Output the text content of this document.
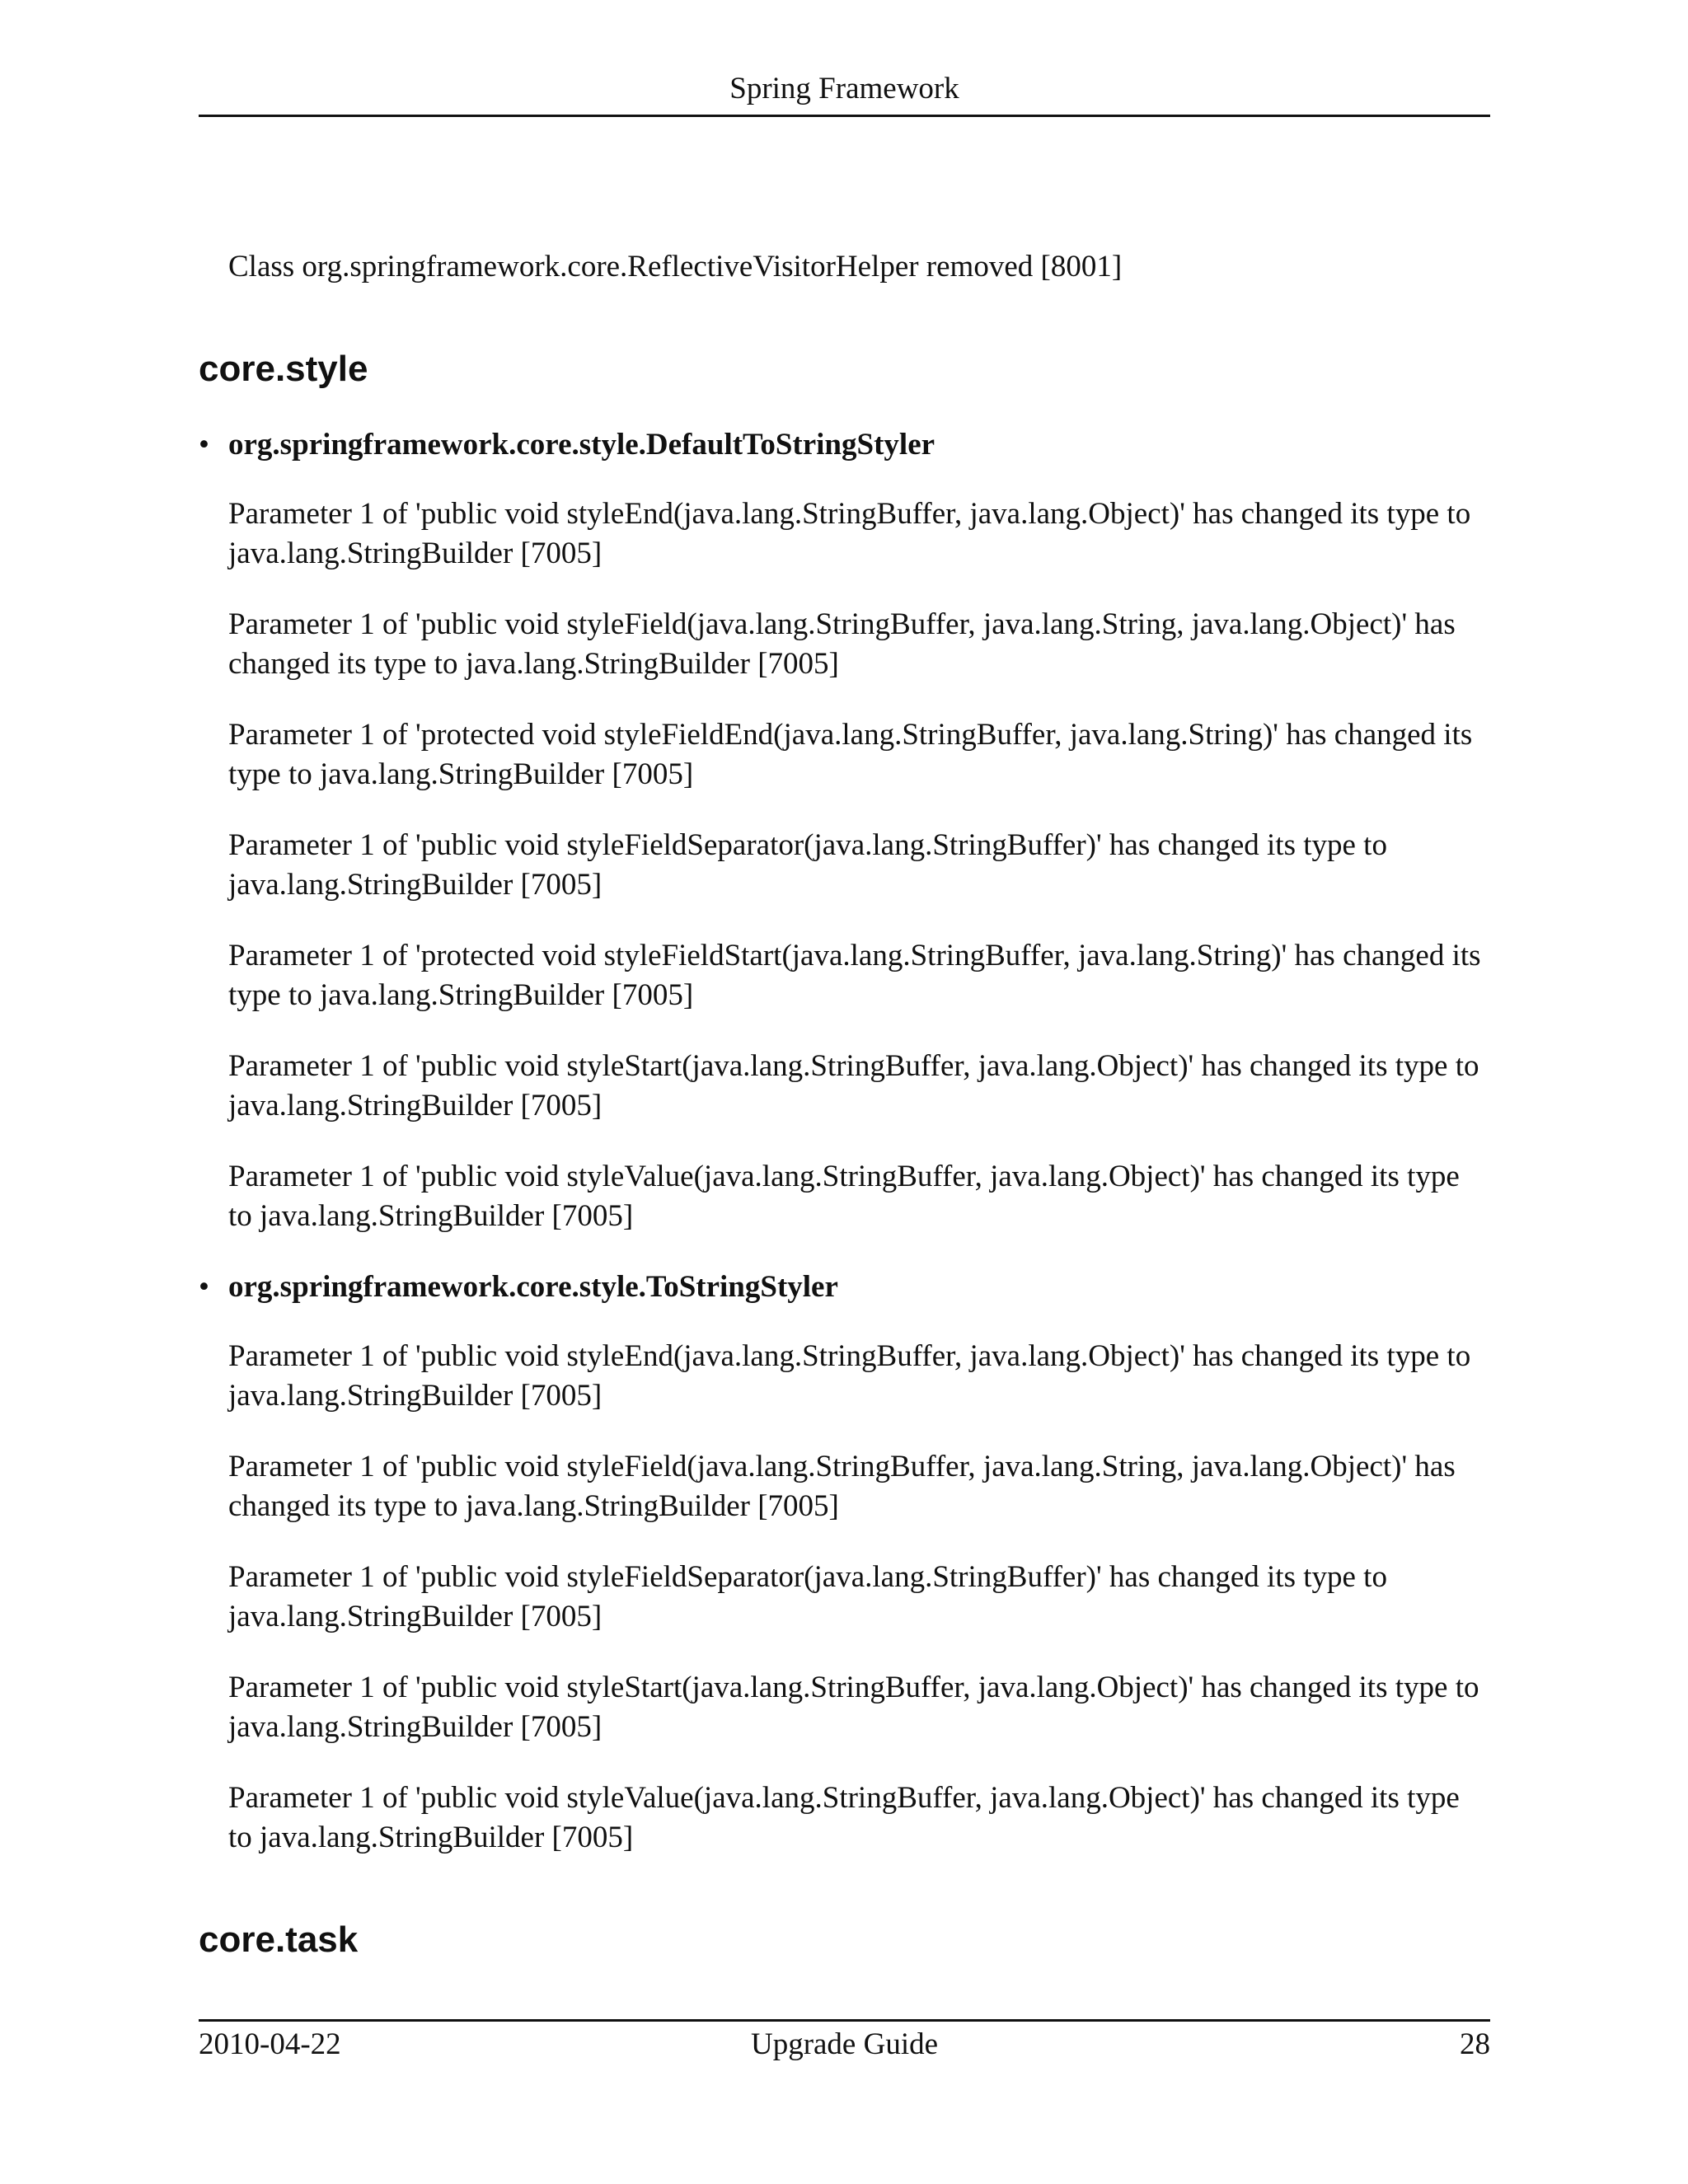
Spring Framework

Class org.springframework.core.ReflectiveVisitorHelper removed [8001]

core.style
• org.springframework.core.style.DefaultToStringStyler

Parameter 1 of 'public void styleEnd(java.lang.StringBuffer, java.lang.Object)' has changed its type to java.lang.StringBuilder [7005]

Parameter 1 of 'public void styleField(java.lang.StringBuffer, java.lang.String, java.lang.Object)' has changed its type to java.lang.StringBuilder [7005]

Parameter 1 of 'protected void styleFieldEnd(java.lang.StringBuffer, java.lang.String)' has changed its type to java.lang.StringBuilder [7005]

Parameter 1 of 'public void styleFieldSeparator(java.lang.StringBuffer)' has changed its type to java.lang.StringBuilder [7005]

Parameter 1 of 'protected void styleFieldStart(java.lang.StringBuffer, java.lang.String)' has changed its type to java.lang.StringBuilder [7005]

Parameter 1 of 'public void styleStart(java.lang.StringBuffer, java.lang.Object)' has changed its type to java.lang.StringBuilder [7005]

Parameter 1 of 'public void styleValue(java.lang.StringBuffer, java.lang.Object)' has changed its type to java.lang.StringBuilder [7005]

• org.springframework.core.style.ToStringStyler

Parameter 1 of 'public void styleEnd(java.lang.StringBuffer, java.lang.Object)' has changed its type to java.lang.StringBuilder [7005]

Parameter 1 of 'public void styleField(java.lang.StringBuffer, java.lang.String, java.lang.Object)' has changed its type to java.lang.StringBuilder [7005]

Parameter 1 of 'public void styleFieldSeparator(java.lang.StringBuffer)' has changed its type to java.lang.StringBuilder [7005]

Parameter 1 of 'public void styleStart(java.lang.StringBuffer, java.lang.Object)' has changed its type to java.lang.StringBuilder [7005]

Parameter 1 of 'public void styleValue(java.lang.StringBuffer, java.lang.Object)' has changed its type to java.lang.StringBuilder [7005]

core.task
2010-04-22	Upgrade Guide	28
